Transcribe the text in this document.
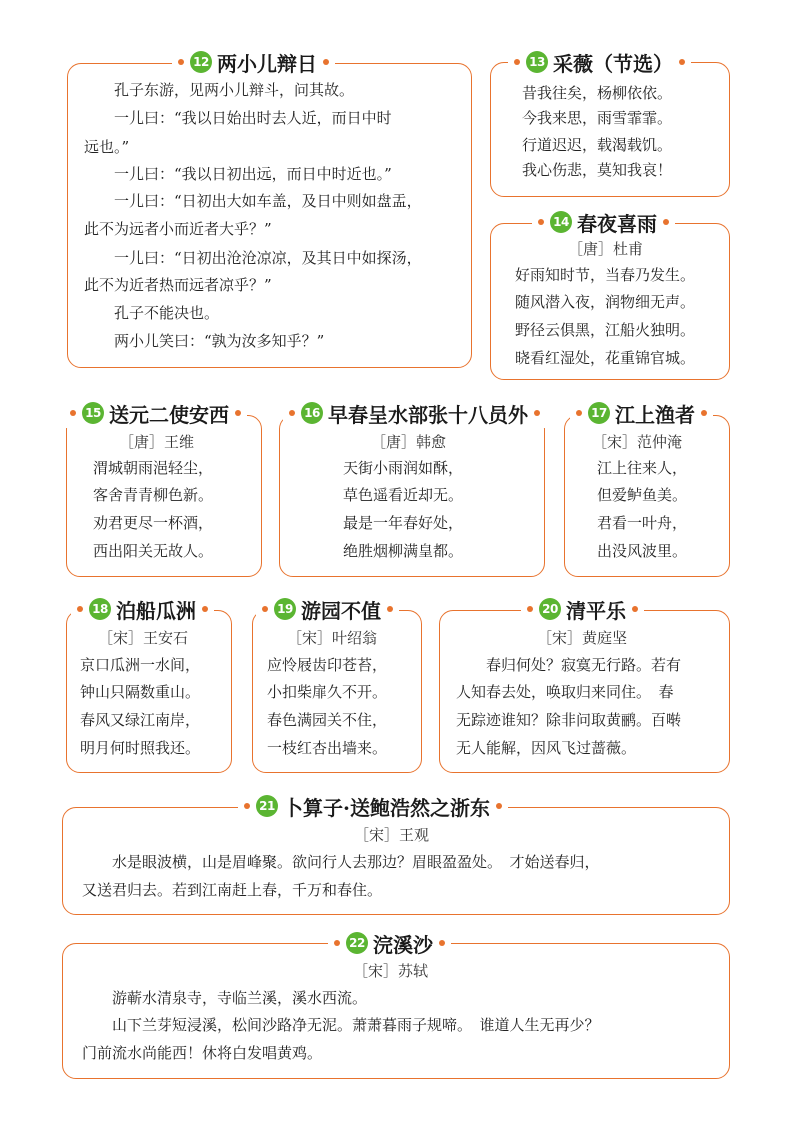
12 两小儿辩日
孔子东游，见两小儿辩斗，问其故。
一儿曰：“我以日始出时去人近，而日中时
远也。”
一儿曰：“我以日初出远，而日中时近也。”
一儿曰：“日初出大如车盖，及日中则如盘盂，
此不为远者小而近者大乎？”
一儿曰：“日初出沧沧凉凉，及其日中如探汤，
此不为近者热而远者凉乎？”
孔子不能决也。
两小儿笑曰：“孰为汝多知乎？”
13 采薇（节选）
昔我往矣，杨柳依依。
今我来思，雨雪霏霏。
行道迟迟，载渴载饥。
我心伤悲，莫知我哀！
14 春夜喜雨
［唐］杜甫
好雨知时节，当春乃发生。
随风潜入夜，润物细无声。
野径云俱黑，江船火独明。
晓看红湿处，花重锦官城。
15 送元二使安西
［唐］王维
渭城朝雨浥轻尘，
客舍青青柳色新。
劝君更尽一杯酒，
西出阳关无故人。
16 早春呈水部张十八员外
［唐］韩愈
天街小雨润如酥，
草色遥看近却无。
最是一年春好处，
绝胜烟柳满皇都。
17 江上渔者
［宋］范仲淹
江上往来人，
但爱鲈鱼美。
君看一叶舟，
出没风波里。
18 泊船瓜洲
［宋］王安石
京口瓜洲一水间，
钟山只隔数重山。
春风又绿江南岸，
明月何时照我还。
19 游园不值
［宋］叶绍翁
应怜屐齿印苍苔，
小扣柴扉久不开。
春色满园关不住，
一枝红杏出墙来。
20 清平乐
［宋］黄庭坚
春归何处？寂寞无行路。若有
人知春去处，唤取归来同住。　春
无踪迹谁知？除非问取黄鹂。百啭
无人能解，因风飞过蔷薇。
21 卜算子·送鲍浩然之浙东
［宋］王观
水是眼波横，山是眉峰聚。欲问行人去那边？眉眼盈盈处。　才始送春归，
又送君归去。若到江南赶上春，千万和春住。
22 浣溪沙
［宋］苏轼
游蕲水清泉寺，寺临兰溪，溪水西流。
山下兰芽短浸溪，松间沙路净无泥。萧萧暮雨子规啼。　谁道人生无再少？
门前流水尚能西！休将白发唱黄鸡。
